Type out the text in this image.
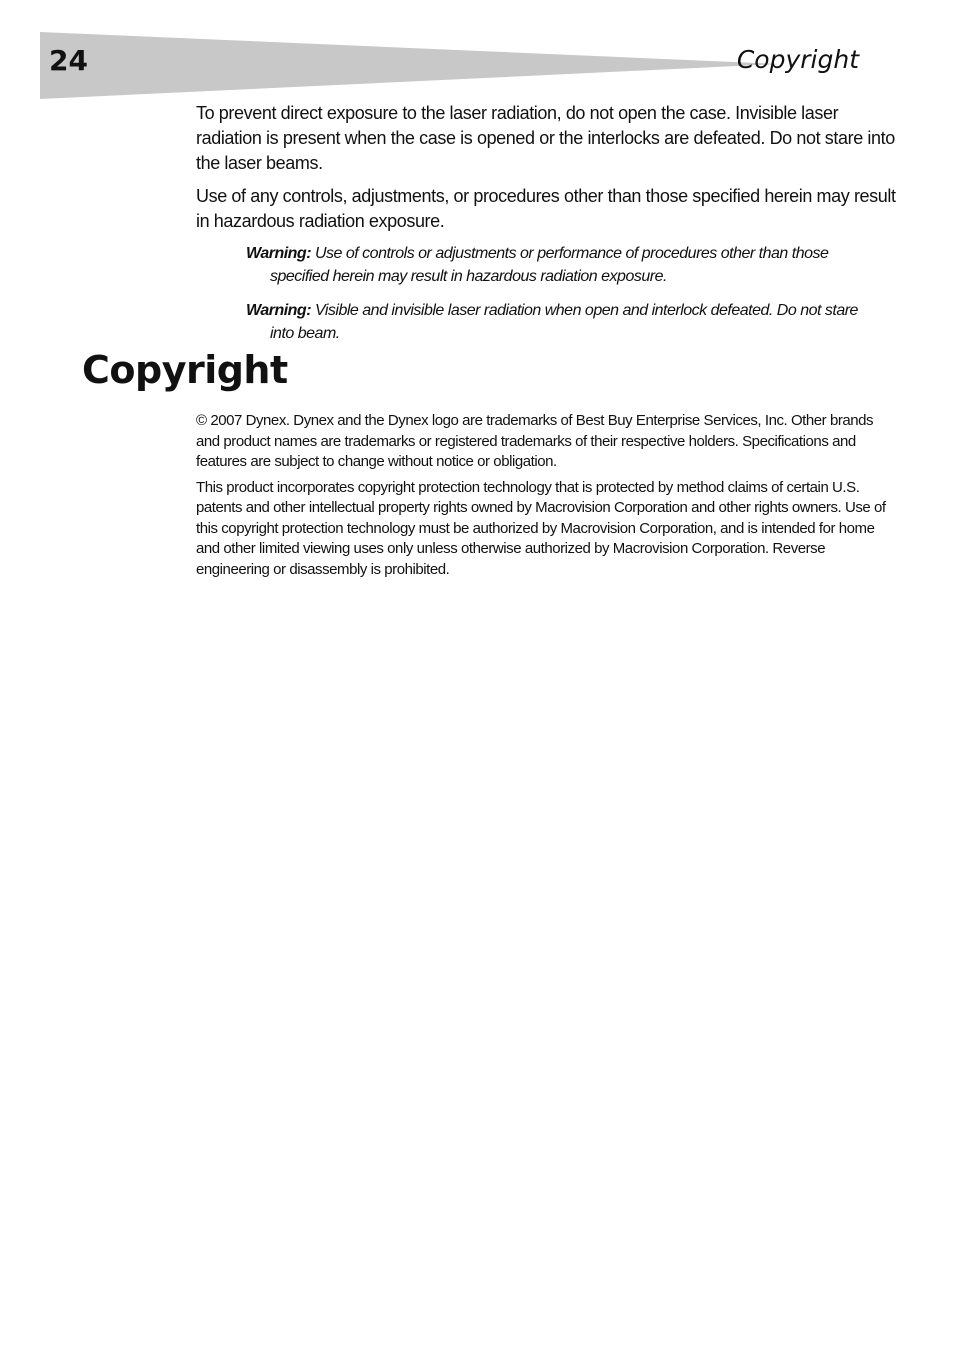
24	Copyright

To prevent direct exposure to the laser radiation, do not open the case. Invisible laser radiation is present when the case is opened or the interlocks are defeated. Do not stare into the laser beams.

Use of any controls, adjustments, or procedures other than those specified herein may result in hazardous radiation exposure.

Warning: Use of controls or adjustments or performance of procedures other than those specified herein may result in hazardous radiation exposure.
Warning: Visible and invisible laser radiation when open and interlock defeated. Do not stare into beam.
Copyright

© 2007 Dynex. Dynex and the Dynex logo are trademarks of Best Buy Enterprise Services, Inc. Other brands and product names are trademarks or registered trademarks of their respective holders. Specifications and features are subject to change without notice or obligation.

This product incorporates copyright protection technology that is protected by method claims of certain U.S. patents and other intellectual property rights owned by Macrovision Corporation and other rights owners. Use of this copyright protection technology must be authorized by Macrovision Corporation, and is intended for home and other limited viewing uses only unless otherwise authorized by Macrovision Corporation. Reverse engineering or disassembly is prohibited.
